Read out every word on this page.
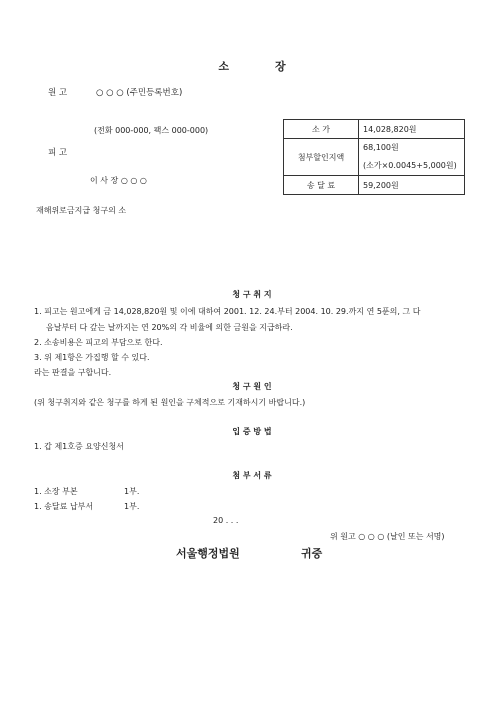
소	장
원 고	○ ○ ○ (주민등록번호)
(전화 000-000, 팩스 000-000)
피 고
이 사 장 ○ ○ ○
재해위로금지급 청구의 소
소 가	14,028,820원
첨부할인지액	68,100원
(소가×0.0045+5,000원)

송 달 료	59,200원
청 구 취 지
1. 피고는 원고에게 금 14,028,820원 및 이에 대하여 2001. 12. 24.부터 2004. 10. 29.까지 연 5푼의, 그 다
음날부터 다 갚는 날까지는 연 20%의 각 비율에 의한 금원을 지급하라.
2. 소송비용은 피고의 부담으로 한다.
3. 위 제1항은 가집행 할 수 있다.
라는 판결을 구합니다.
청 구 원 인
(위 청구취지와 같은 청구를 하게 된 원인을 구체적으로 기재하시기 바랍니다.)
입 증 방 법
1. 갑 제1호증 요양신청서
첨 부 서 류
1. 소장 부본	1부.
1. 송달료 납부서	1부.
20 . . .
위 원고 ○ ○ ○ (날인 또는 서명)
서울행정법원	귀중
